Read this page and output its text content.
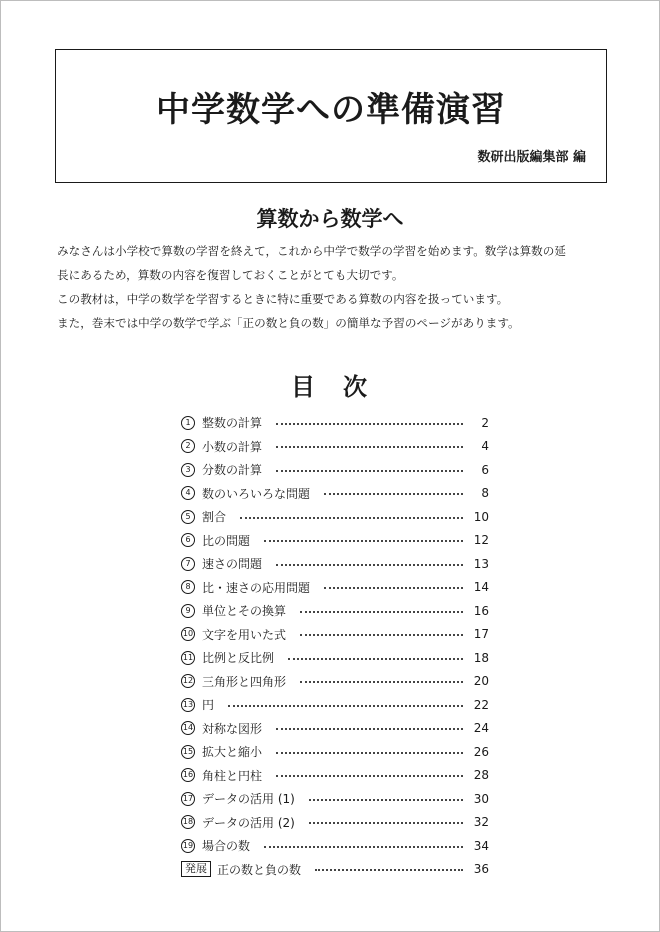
中学数学への準備演習
数研出版編集部 編
算数から数学へ

みなさんは小学校で算数の学習を終えて，これから中学で数学の学習を始めます。数学は算数の延

長にあるため，算数の内容を復習しておくことがとても大切です。

この教材は，中学の数学を学習するときに特に重要である算数の内容を扱っています。

また，巻末では中学の数学で学ぶ「正の数と負の数」の簡単な予習のページがあります。

目　次
1 整数の計算	2
2 小数の計算	4
3 分数の計算	6
4 数のいろいろな問題	8
5 割合	10
6 比の問題	12
7 速さの問題	13
8 比・速さの応用問題	14
9 単位とその換算	16
10 文字を用いた式	17
11 比例と反比例	18
12 三角形と四角形	20
13 円	22
14 対称な図形	24
15 拡大と縮小	26
16 角柱と円柱	28
17 データの活用 (1)	30
18 データの活用 (2)	32
19 場合の数	34
発展 正の数と負の数	36
